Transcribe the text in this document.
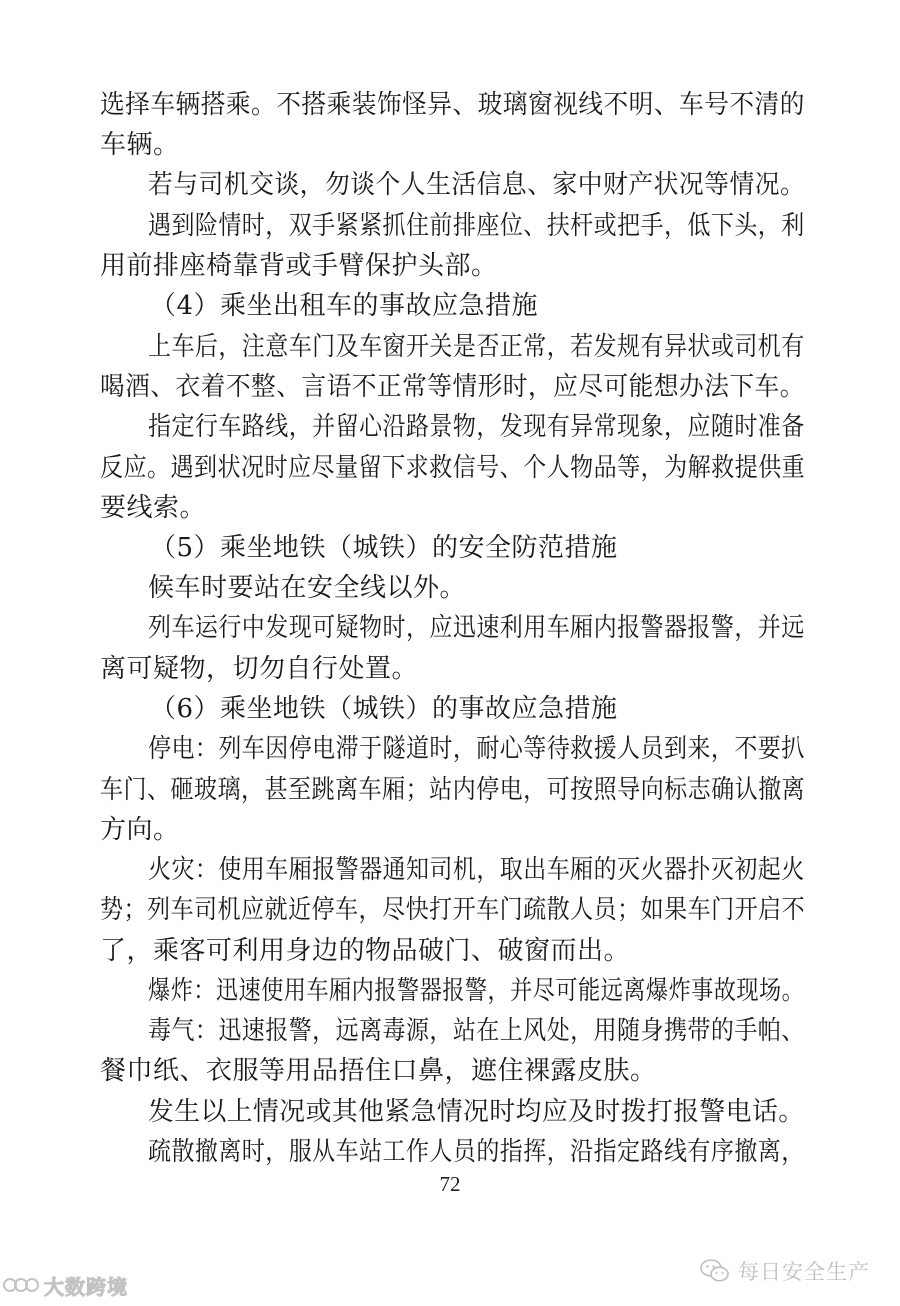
选择车辆搭乘。不搭乘装饰怪异、玻璃窗视线不明、车号不清的
车辆。
若与司机交谈，勿谈个人生活信息、家中财产状况等情况。
遇到险情时，双手紧紧抓住前排座位、扶杆或把手，低下头，利
用前排座椅靠背或手臂保护头部。
（4）乘坐出租车的事故应急措施
上车后，注意车门及车窗开关是否正常，若发规有异状或司机有
喝酒、衣着不整、言语不正常等情形时，应尽可能想办法下车。
指定行车路线，并留心沿路景物，发现有异常现象，应随时准备
反应。遇到状况时应尽量留下求救信号、个人物品等，为解救提供重
要线索。
（5）乘坐地铁（城铁）的安全防范措施
候车时要站在安全线以外。
列车运行中发现可疑物时，应迅速利用车厢内报警器报警，并远
离可疑物，切勿自行处置。
（6）乘坐地铁（城铁）的事故应急措施
停电：列车因停电滞于隧道时，耐心等待救援人员到来，不要扒
车门、砸玻璃，甚至跳离车厢；站内停电，可按照导向标志确认撤离
方向。
火灾：使用车厢报警器通知司机，取出车厢的灭火器扑灭初起火
势；列车司机应就近停车，尽快打开车门疏散人员；如果车门开启不
了，乘客可利用身边的物品破门、破窗而出。
爆炸：迅速使用车厢内报警器报警，并尽可能远离爆炸事故现场。
毒气：迅速报警，远离毒源，站在上风处，用随身携带的手帕、
餐巾纸、衣服等用品捂住口鼻，遮住裸露皮肤。
发生以上情况或其他紧急情况时均应及时拨打报警电话。
疏散撤离时，服从车站工作人员的指挥，沿指定路线有序撤离，
72
每日安全生产
大数跨境
